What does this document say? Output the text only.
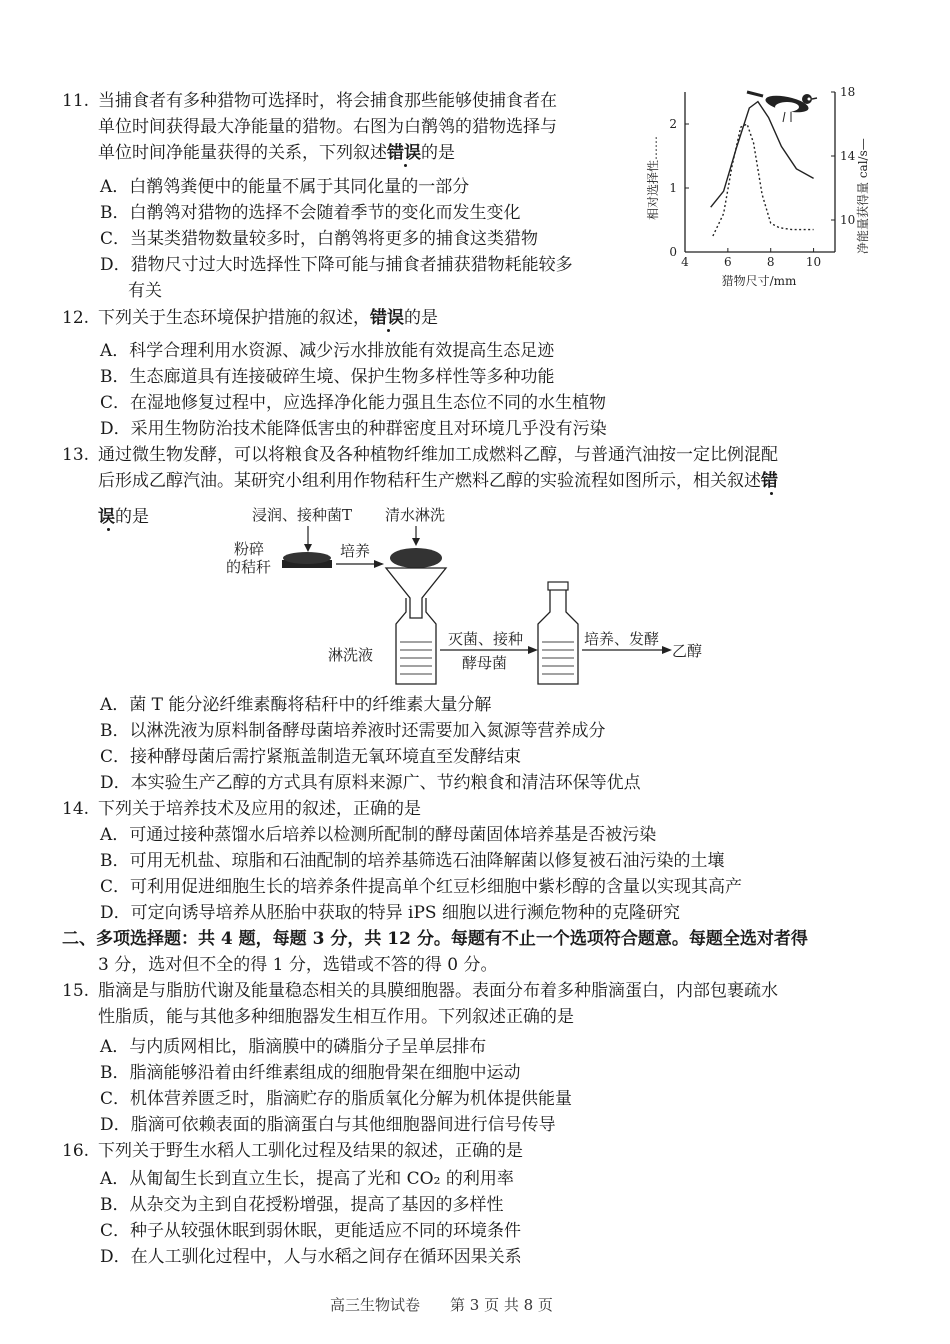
11. 当捕食者有多种猎物可选择时，将会捕食那些能够使捕食者在
单位时间获得最大净能量的猎物。右图为白鹡鸰的猎物选择与
单位时间净能量获得的关系，下列叙述错误的是
A．白鹡鸰粪便中的能量不属于其同化量的一部分
B．白鹡鸰对猎物的选择不会随着季节的变化而发生变化
C．当某类猎物数量较多时，白鹡鸰将更多的捕食这类猎物
D．猎物尺寸过大时选择性下降可能与捕食者捕获猎物耗能较多
有关
4	6	8	10
0
1
2
10
14
18
猎物尺寸/mm
相对选择性……	净能量获得量 cal/s—
12. 下列关于生态环境保护措施的叙述，错误的是
A．科学合理利用水资源、减少污水排放能有效提高生态足迹
B．生态廊道具有连接破碎生境、保护生物多样性等多种功能
C．在湿地修复过程中，应选择净化能力强且生态位不同的水生植物
D．采用生物防治技术能降低害虫的种群密度且对环境几乎没有污染
13. 通过微生物发酵，可以将粮食及各种植物纤维加工成燃料乙醇，与普通汽油按一定比例混配
后形成乙醇汽油。某研究小组利用作物秸秆生产燃料乙醇的实验流程如图所示，相关叙述错
误的是	浸润、接种菌T 清水淋洗
粉碎
的秸秆
培养
淋洗液
灭菌、接种
酵母菌
培养、发酵
乙醇
A．菌 T 能分泌纤维素酶将秸秆中的纤维素大量分解
B．以淋洗液为原料制备酵母菌培养液时还需要加入氮源等营养成分
C．接种酵母菌后需拧紧瓶盖制造无氧环境直至发酵结束
D．本实验生产乙醇的方式具有原料来源广、节约粮食和清洁环保等优点
14. 下列关于培养技术及应用的叙述，正确的是
A．可通过接种蒸馏水后培养以检测所配制的酵母菌固体培养基是否被污染
B．可用无机盐、琼脂和石油配制的培养基筛选石油降解菌以修复被石油污染的土壤
C．可利用促进细胞生长的培养条件提高单个红豆杉细胞中紫杉醇的含量以实现其高产
D．可定向诱导培养从胚胎中获取的特异 iPS 细胞以进行濒危物种的克隆研究
二、多项选择题：共 4 题，每题 3 分，共 12 分。每题有不止一个选项符合题意。每题全选对者得
3 分，选对但不全的得 1 分，选错或不答的得 0 分。
15. 脂滴是与脂肪代谢及能量稳态相关的具膜细胞器。表面分布着多种脂滴蛋白，内部包裹疏水
性脂质，能与其他多种细胞器发生相互作用。下列叙述正确的是
A．与内质网相比，脂滴膜中的磷脂分子呈单层排布
B．脂滴能够沿着由纤维素组成的细胞骨架在细胞中运动
C．机体营养匮乏时，脂滴贮存的脂质氧化分解为机体提供能量
D．脂滴可依赖表面的脂滴蛋白与其他细胞器间进行信号传导
16. 下列关于野生水稻人工驯化过程及结果的叙述，正确的是
A．从匍匐生长到直立生长，提高了光和 CO₂ 的利用率
B．从杂交为主到自花授粉增强，提高了基因的多样性
C．种子从较强休眠到弱休眠，更能适应不同的环境条件
D．在人工驯化过程中，人与水稻之间存在循环因果关系
高三生物试卷　　第 3 页 共 8 页
